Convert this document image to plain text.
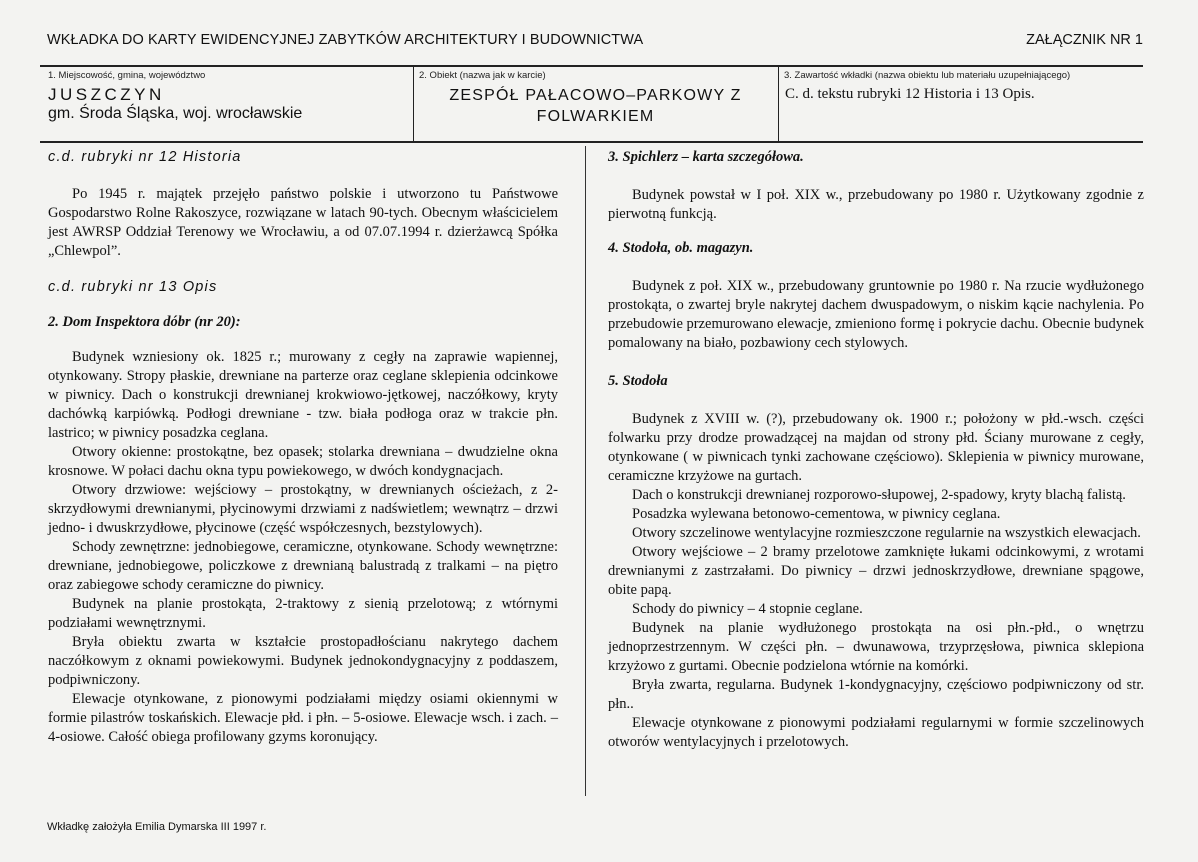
WKŁADKA DO KARTY EWIDENCYJNEJ ZABYTKÓW ARCHITEKTURY I BUDOWNICTWA	ZAŁĄCZNIK NR 1
1. Miejscowość, gmina, województwo
JUSZCZYN
gm. Środa Śląska, woj. wrocławskie
2. Obiekt (nazwa jak w karcie)
ZESPÓŁ PAŁACOWO–PARKOWY Z
FOLWARKIEM
3. Zawartość wkładki (nazwa obiektu lub materiału uzupełniającego)
C. d. tekstu rubryki 12 Historia i 13 Opis.

c.d. rubryki nr 12 Historia

Po 1945 r. majątek przejęło państwo polskie i utworzono tu Państwowe Gospodarstwo Rolne Rakoszyce, rozwiązane w latach 90-tych. Obecnym właścicielem jest AWRSP Oddział Terenowy we Wrocławiu, a od 07.07.1994 r. dzierżawcą Spółka „Chlewpol”.

c.d. rubryki nr 13 Opis

2. Dom Inspektora dóbr (nr 20):

Budynek wzniesiony ok. 1825 r.; murowany z cegły na zaprawie wapiennej, otynkowany. Stropy płaskie, drewniane na parterze oraz ceglane sklepienia odcinkowe w piwnicy. Dach o konstrukcji drewnianej krokwiowo-jętkowej, naczółkowy, kryty dachówką karpiówką. Podłogi drewniane - tzw. biała podłoga oraz w trakcie płn. lastrico; w piwnicy posadzka ceglana.

Otwory okienne: prostokątne, bez opasek; stolarka drewniana – dwudzielne okna krosnowe. W połaci dachu okna typu powiekowego, w dwóch kondygnacjach.

Otwory drzwiowe: wejściowy – prostokątny, w drewnianych ościeżach, z 2-skrzydłowymi drewnianymi, płycinowymi drzwiami z nadświetlem; wewnątrz – drzwi jedno- i dwuskrzydłowe, płycinowe (część współczesnych, bezstylowych).

Schody zewnętrzne: jednobiegowe, ceramiczne, otynkowane. Schody wewnętrzne: drewniane, jednobiegowe, policzkowe z drewnianą balustradą z tralkami – na piętro oraz zabiegowe schody ceramiczne do piwnicy.

Budynek na planie prostokąta, 2-traktowy z sienią przelotową; z wtórnymi podziałami wewnętrznymi.

Bryła obiektu zwarta w kształcie prostopadłościanu nakrytego dachem naczółkowym z oknami powiekowymi. Budynek jednokondygnacyjny z poddaszem, podpiwniczony.

Elewacje otynkowane, z pionowymi podziałami między osiami okiennymi w formie pilastrów toskańskich. Elewacje płd. i płn. – 5-osiowe. Elewacje wsch. i zach. – 4-osiowe. Całość obiega profilowany gzyms koronujący.

3. Spichlerz – karta szczegółowa.

Budynek powstał w I poł. XIX w., przebudowany po 1980 r. Użytkowany zgodnie z pierwotną funkcją.

4. Stodoła, ob. magazyn.

Budynek z poł. XIX w., przebudowany gruntownie po 1980 r. Na rzucie wydłużonego prostokąta, o zwartej bryle nakrytej dachem dwuspadowym, o niskim kącie nachylenia. Po przebudowie przemurowano elewacje, zmieniono formę i pokrycie dachu. Obecnie budynek pomalowany na biało, pozbawiony cech stylowych.

5. Stodoła

Budynek z XVIII w. (?), przebudowany ok. 1900 r.; położony w płd.-wsch. części folwarku przy drodze prowadzącej na majdan od strony płd. Ściany murowane z cegły, otynkowane ( w piwnicach tynki zachowane częściowo). Sklepienia w piwnicy murowane, ceramiczne krzyżowe na gurtach.

Dach o konstrukcji drewnianej rozporowo-słupowej, 2-spadowy, kryty blachą falistą.

Posadzka wylewana betonowo-cementowa, w piwnicy ceglana.

Otwory szczelinowe wentylacyjne rozmieszczone regularnie na wszystkich elewacjach.

Otwory wejściowe – 2 bramy przelotowe zamknięte łukami odcinkowymi, z wrotami drewnianymi z zastrzałami. Do piwnicy – drzwi jednoskrzydłowe, drewniane spągowe, obite papą.

Schody do piwnicy – 4 stopnie ceglane.

Budynek na planie wydłużonego prostokąta na osi płn.-płd., o wnętrzu jednoprzestrzennym. W części płn. – dwunawowa, trzyprzęsłowa, piwnica sklepiona krzyżowo z gurtami. Obecnie podzielona wtórnie na komórki.

Bryła zwarta, regularna. Budynek 1-kondygnacyjny, częściowo podpiwniczony od str. płn..

Elewacje otynkowane z pionowymi podziałami regularnymi w formie szczelinowych otworów wentylacyjnych i przelotowych.

Wkładkę założyła Emilia Dymarska III 1997 r.
